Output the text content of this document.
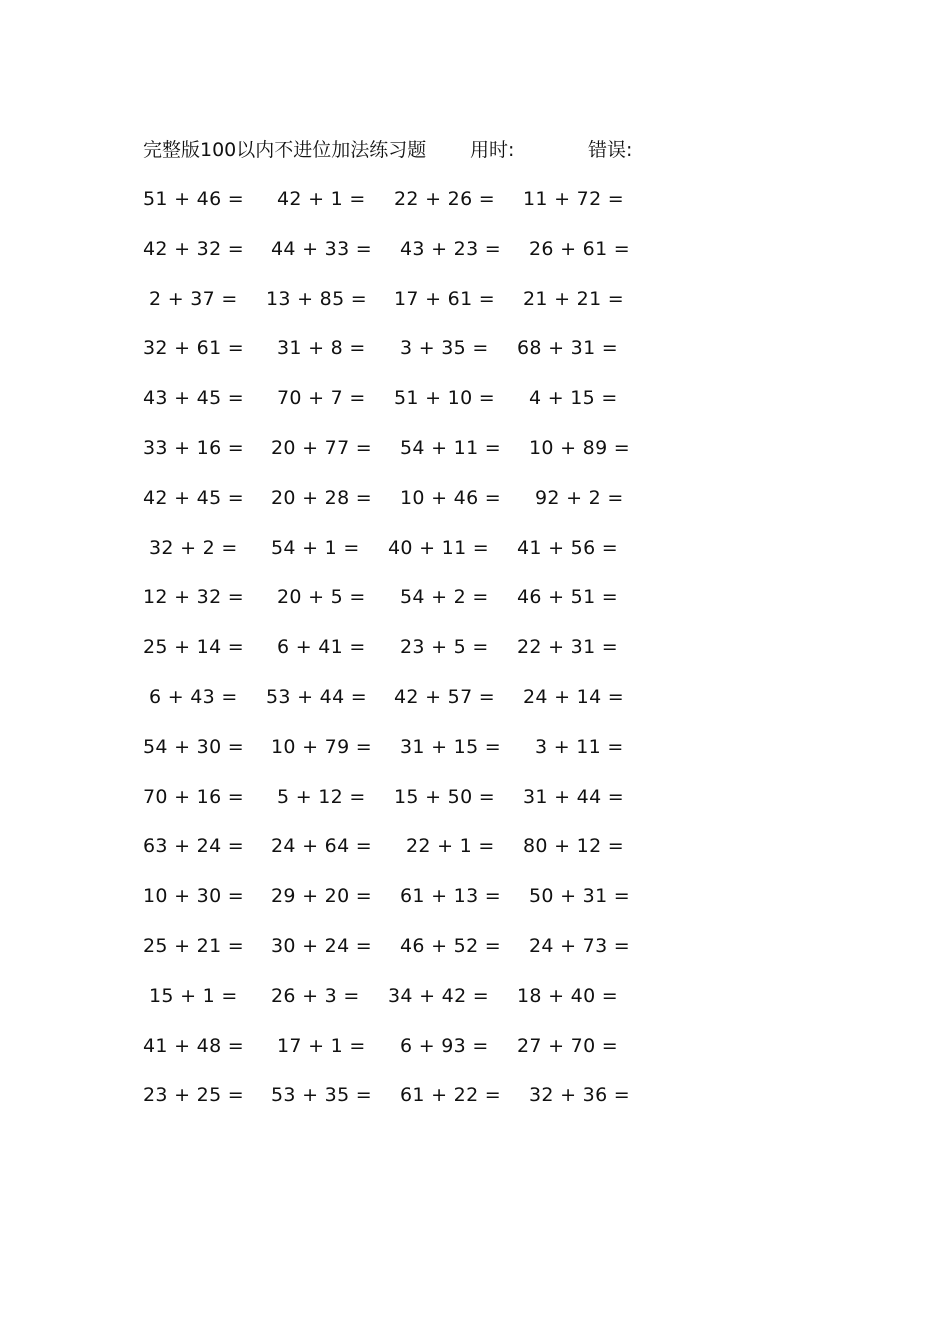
完整版100以内不进位加法练习题 用时:	错误:
51 + 46 = 42 + 1 = 22 + 26 = 11 + 72 =
42 + 32 = 44 + 33 = 43 + 23 = 26 + 61 =
2 + 37 = 13 + 85 = 17 + 61 = 21 + 21 =
32 + 61 = 31 + 8 = 3 + 35 = 68 + 31 =
43 + 45 = 70 + 7 = 51 + 10 = 4 + 15 =
33 + 16 = 20 + 77 = 54 + 11 = 10 + 89 =
42 + 45 = 20 + 28 = 10 + 46 = 92 + 2 =
32 + 2 = 54 + 1 = 40 + 11 = 41 + 56 =
12 + 32 = 20 + 5 = 54 + 2 = 46 + 51 =
25 + 14 = 6 + 41 = 23 + 5 = 22 + 31 =
6 + 43 = 53 + 44 = 42 + 57 = 24 + 14 =
54 + 30 = 10 + 79 = 31 + 15 = 3 + 11 =
70 + 16 = 5 + 12 = 15 + 50 = 31 + 44 =
63 + 24 = 24 + 64 = 22 + 1 = 80 + 12 =
10 + 30 = 29 + 20 = 61 + 13 = 50 + 31 =
25 + 21 = 30 + 24 = 46 + 52 = 24 + 73 =
15 + 1 = 26 + 3 = 34 + 42 = 18 + 40 =
41 + 48 = 17 + 1 = 6 + 93 = 27 + 70 =
23 + 25 = 53 + 35 = 61 + 22 = 32 + 36 =
